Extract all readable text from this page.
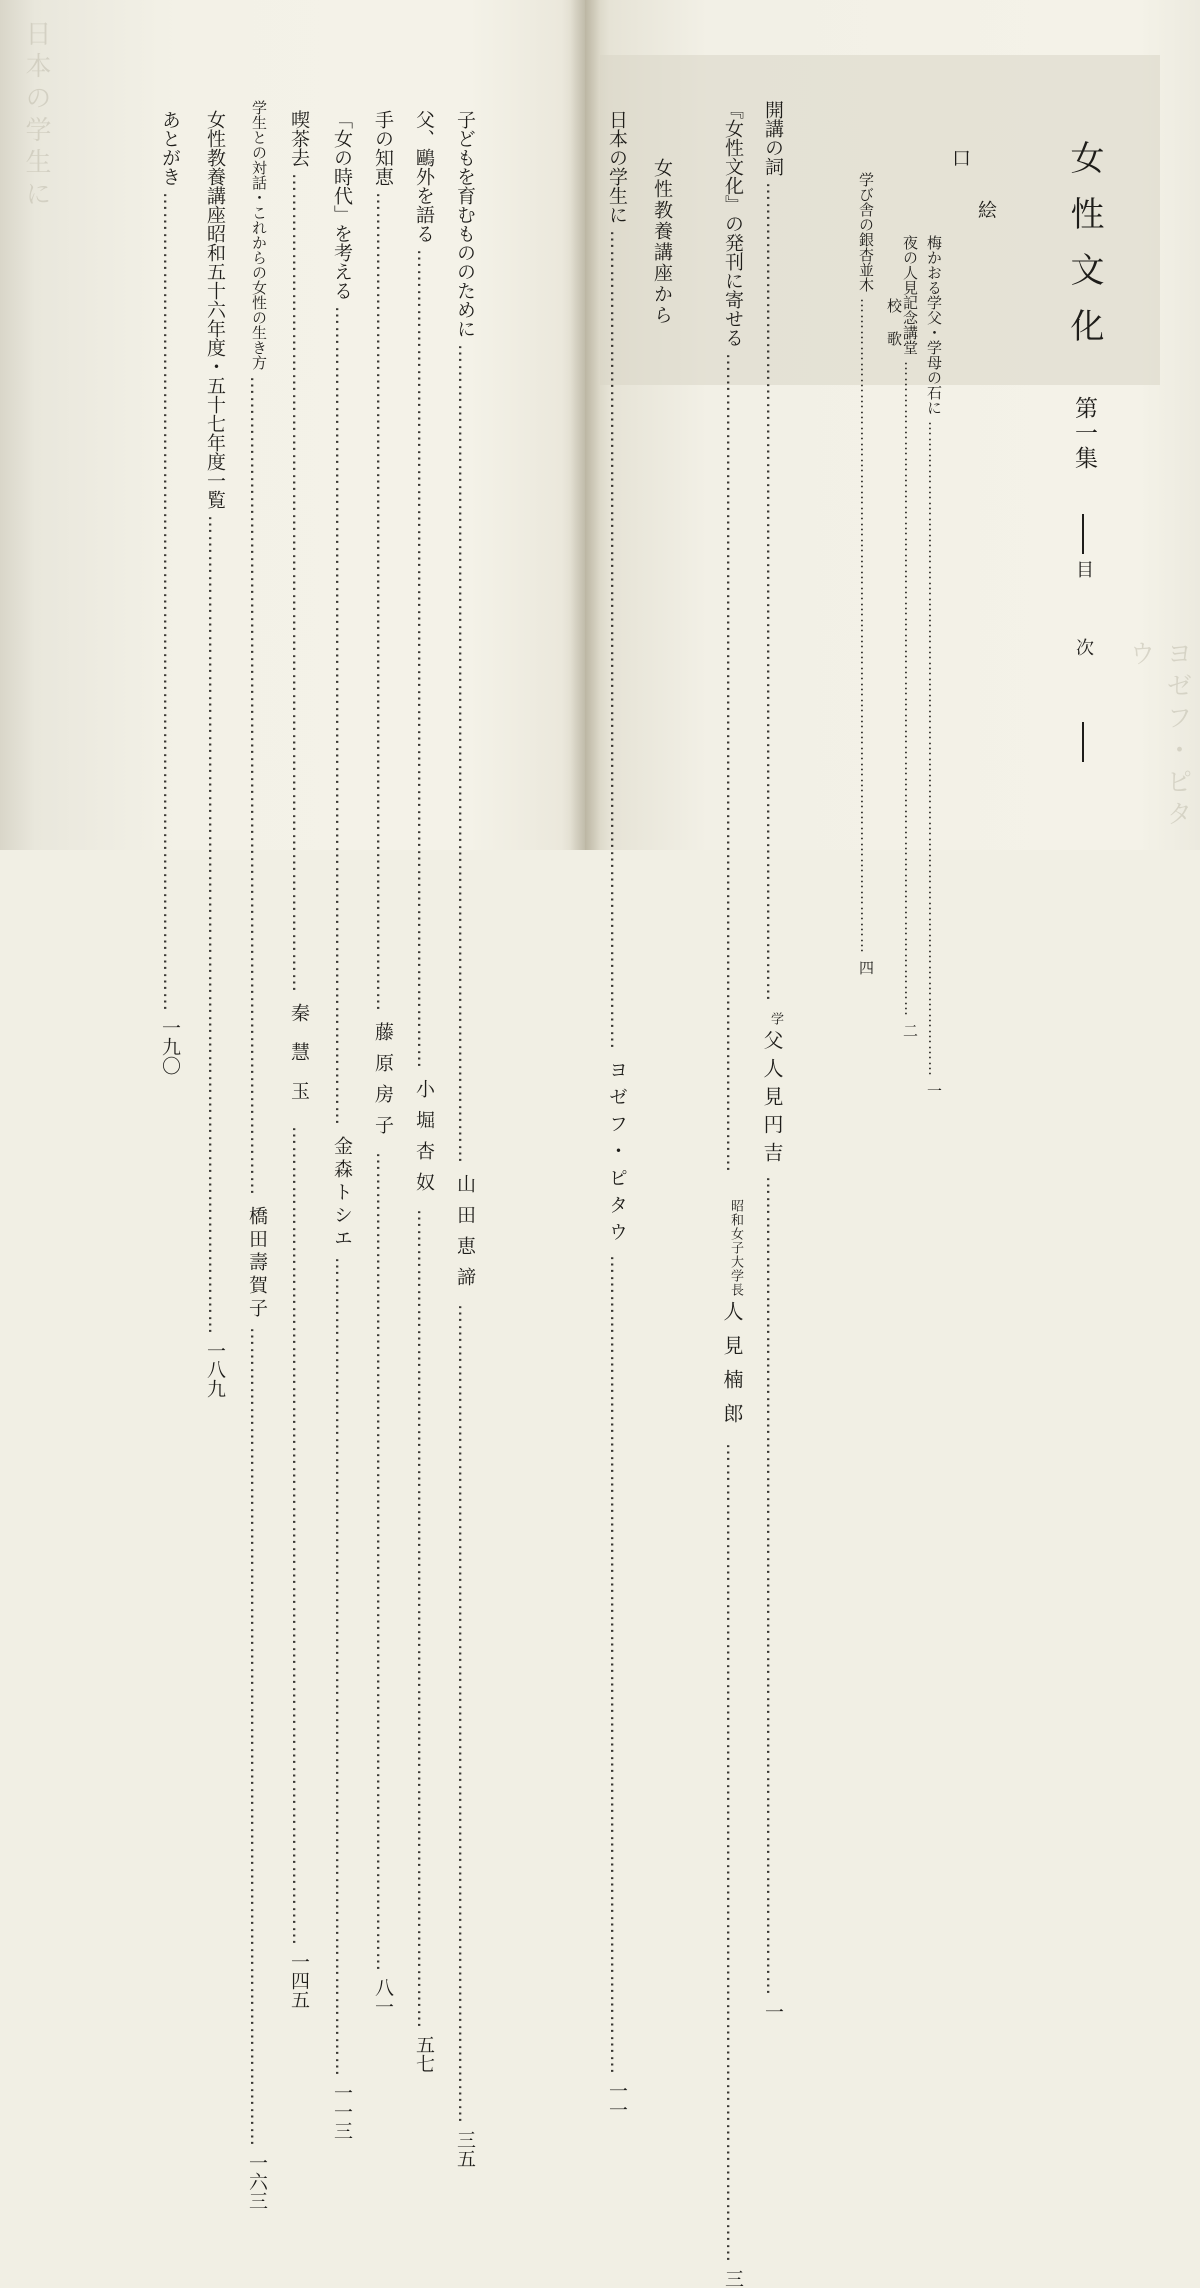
日本の学生に
ヨゼフ・ピタウ
女性文化
第一集
目次
口
絵
梅かおる学父・学母の石に
……………………………………………………………………………………………………………
一
夜の人見記念講堂
……………………………………………………………………………………………………………
二
校歌
学び舎の銀杏並木
……………………………………………………………………………………………………………
四
開講の詞
……………………………………………………………………………………………………………
学
父人見円吉
……………………………………………………………………………………………………………
一
『女性文化』の発刊に寄せる
……………………………………………………………………………………………………………
昭和女子大学長
人見楠郎
……………………………………………………………………………………………………………
三
女性教養講座から
日本の学生に
……………………………………………………………………………………………………………
ヨゼフ・ピタウ
……………………………………………………………………………………………………………
一一
子どもを育むもののために
……………………………………………………………………………………………………………
山田恵諦
……………………………………………………………………………………………………………
三五
父、鷗外を語る
……………………………………………………………………………………………………………
小堀杏奴
……………………………………………………………………………………………………………
五七
手の知恵
……………………………………………………………………………………………………………
藤原房子
……………………………………………………………………………………………………………
八一
「女の時代」を考える
……………………………………………………………………………………………………………
金森トシエ
……………………………………………………………………………………………………………
一一三
喫茶去
……………………………………………………………………………………………………………
秦慧玉
……………………………………………………………………………………………………………
一四五
学生との対話・これからの女性の生き方
……………………………………………………………………………………………………………
橋田壽賀子
……………………………………………………………………………………………………………
一六三
女性教養講座昭和五十六年度・五十七年度一覧
……………………………………………………………………………………………………………
一八九
あとがき
……………………………………………………………………………………………………………
一九〇
